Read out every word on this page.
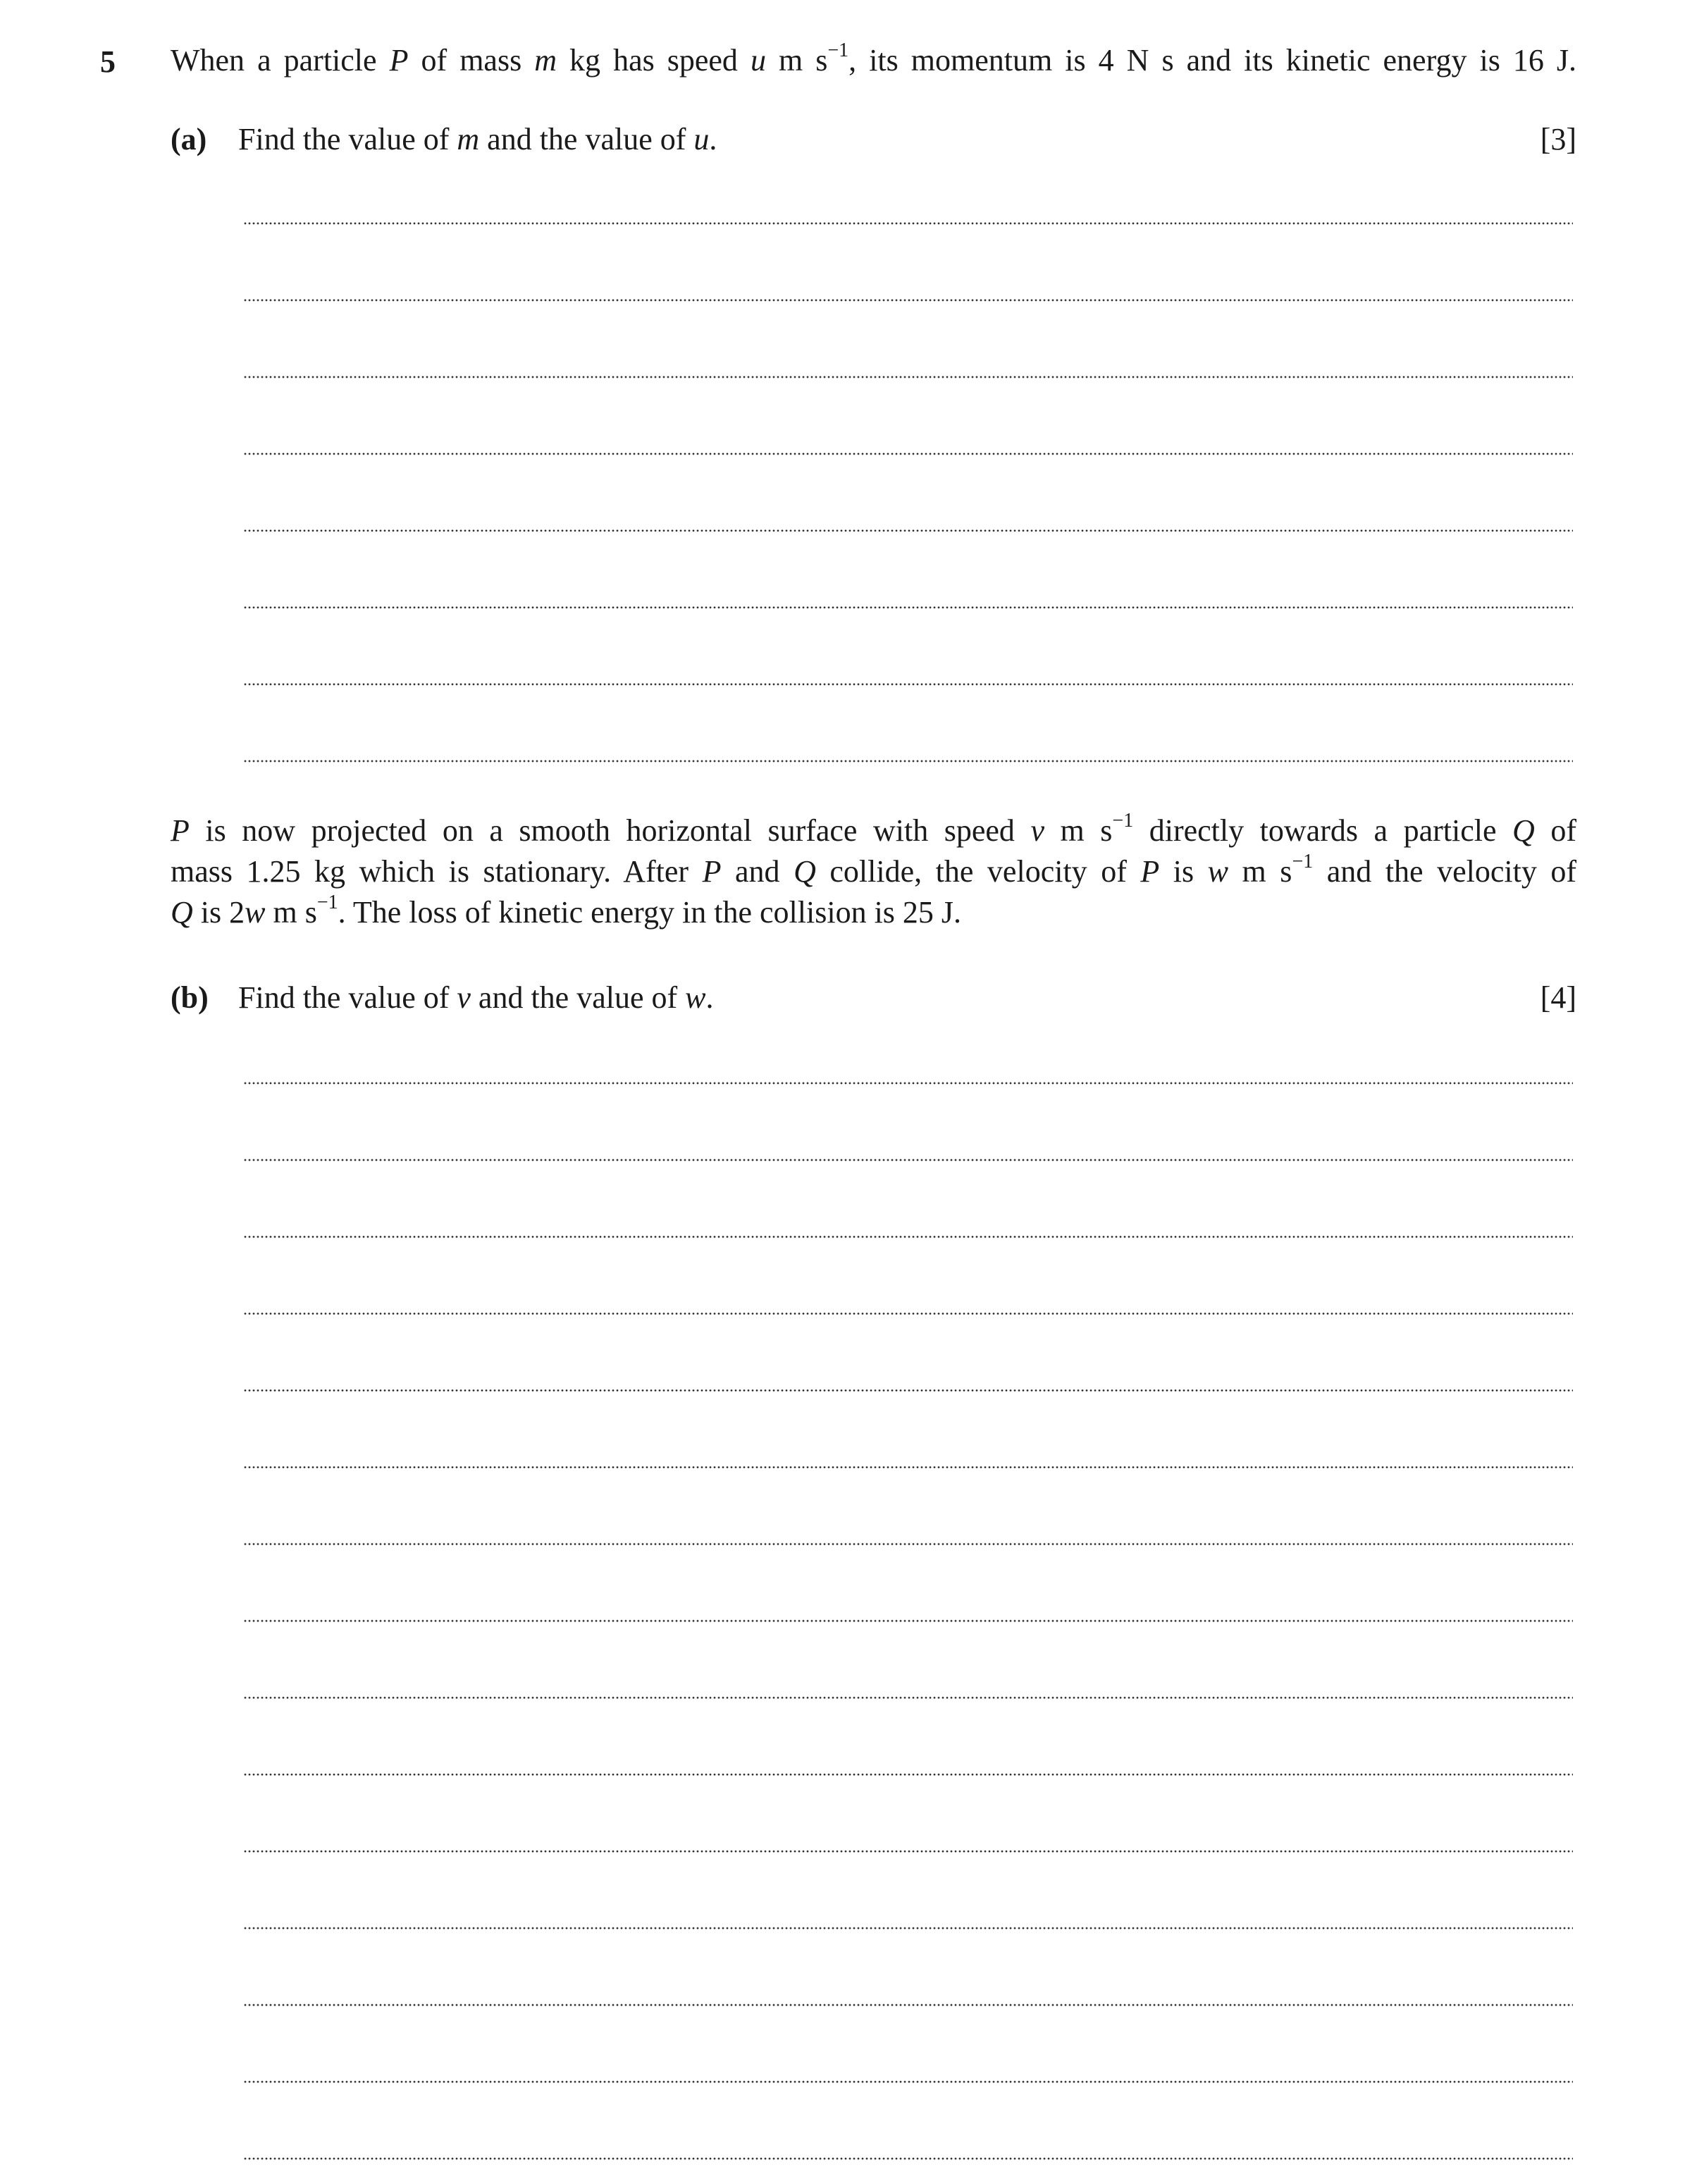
5 When a particle P of mass m kg has speed u m $s^{-1}$, its momentum is 4 N s and its kinetic energy is 16 J.
(a)	Find the value of m and the value of u.	[3]
P is now projected on a smooth horizontal surface with speed v m $s^{-1}$ directly towards a particle Q of
mass 1.25 kg which is stationary. After P and Q collide, the velocity of P is w m $s^{-1}$ and the velocity of
Q is 2w m $s^{-1}$. The loss of kinetic energy in the collision is 25 J.
(b) Find the value of v and the value of w.	[4]
